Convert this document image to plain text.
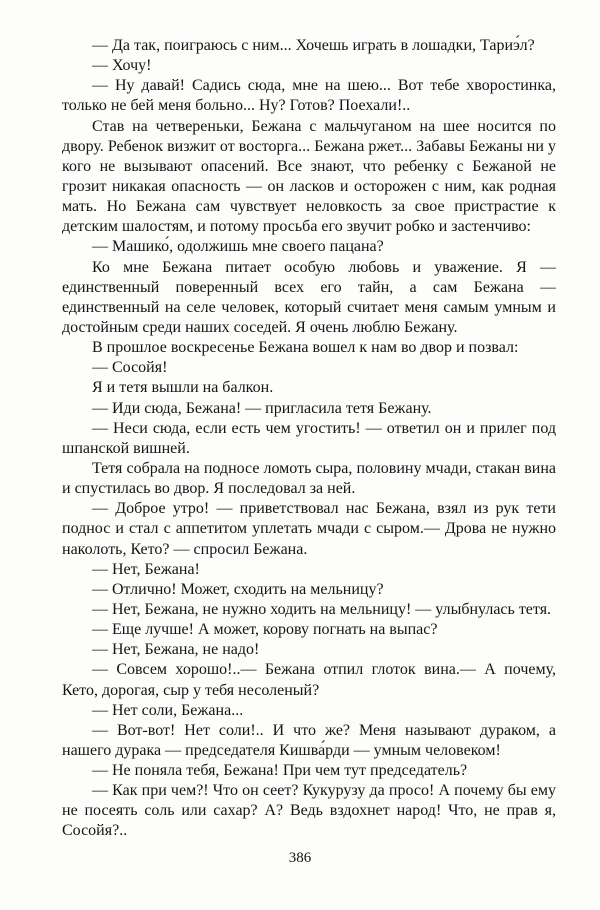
— Да так, поиграюсь с ним... Хочешь играть в лошадки, Тариэ́л?

— Хочу!

— Ну давай! Садись сюда, мне на шею... Вот тебе хворостинка, только не бей меня больно... Ну? Готов? Поехали!..

Став на четвереньки, Бежана с мальчуганом на шее носится по двору. Ребенок визжит от восторга... Бежана ржет... Забавы Бежаны ни у кого не вызывают опасений. Все знают, что ребенку с Бежаной не грозит никакая опасность — он ласков и осторожен с ним, как родная мать. Но Бежана сам чувствует неловкость за свое пристрастие к детским шалостям, и потому просьба его звучит робко и застенчиво:

— Машико́, одолжишь мне своего пацана?

Ко мне Бежана питает особую любовь и уважение. Я — единственный поверенный всех его тайн, а сам Бежана — единственный на селе человек, который считает меня самым умным и достойным среди наших соседей. Я очень люблю Бежану.

В прошлое воскресенье Бежана вошел к нам во двор и позвал:

— Сосойя!

Я и тетя вышли на балкон.

— Иди сюда, Бежана! — пригласила тетя Бежану.

— Неси сюда, если есть чем угостить! — ответил он и прилег под шпанской вишней.

Тетя собрала на подносе ломоть сыра, половину мчади, стакан вина и спустилась во двор. Я последовал за ней.

— Доброе утро! — приветствовал нас Бежана, взял из рук тети поднос и стал с аппетитом уплетать мчади с сыром.— Дрова не нужно наколоть, Кето? — спросил Бежана.

— Нет, Бежана!

— Отлично! Может, сходить на мельницу?

— Нет, Бежана, не нужно ходить на мельницу! — улыбнулась тетя.

— Еще лучше! А может, корову погнать на выпас?

— Нет, Бежана, не надо!

— Совсем хорошо!..— Бежана отпил глоток вина.— А почему, Кето, дорогая, сыр у тебя несоленый?

— Нет соли, Бежана...

— Вот-вот! Нет соли!.. И что же? Меня называют дураком, а нашего дурака — председателя Кишва́рди — умным человеком!

— Не поняла тебя, Бежана! При чем тут председатель?

— Как при чем?! Что он сеет? Кукурузу да просо! А почему бы ему не посеять соль или сахар? А? Ведь вздохнет народ! Что, не прав я, Сосойя?..

386
